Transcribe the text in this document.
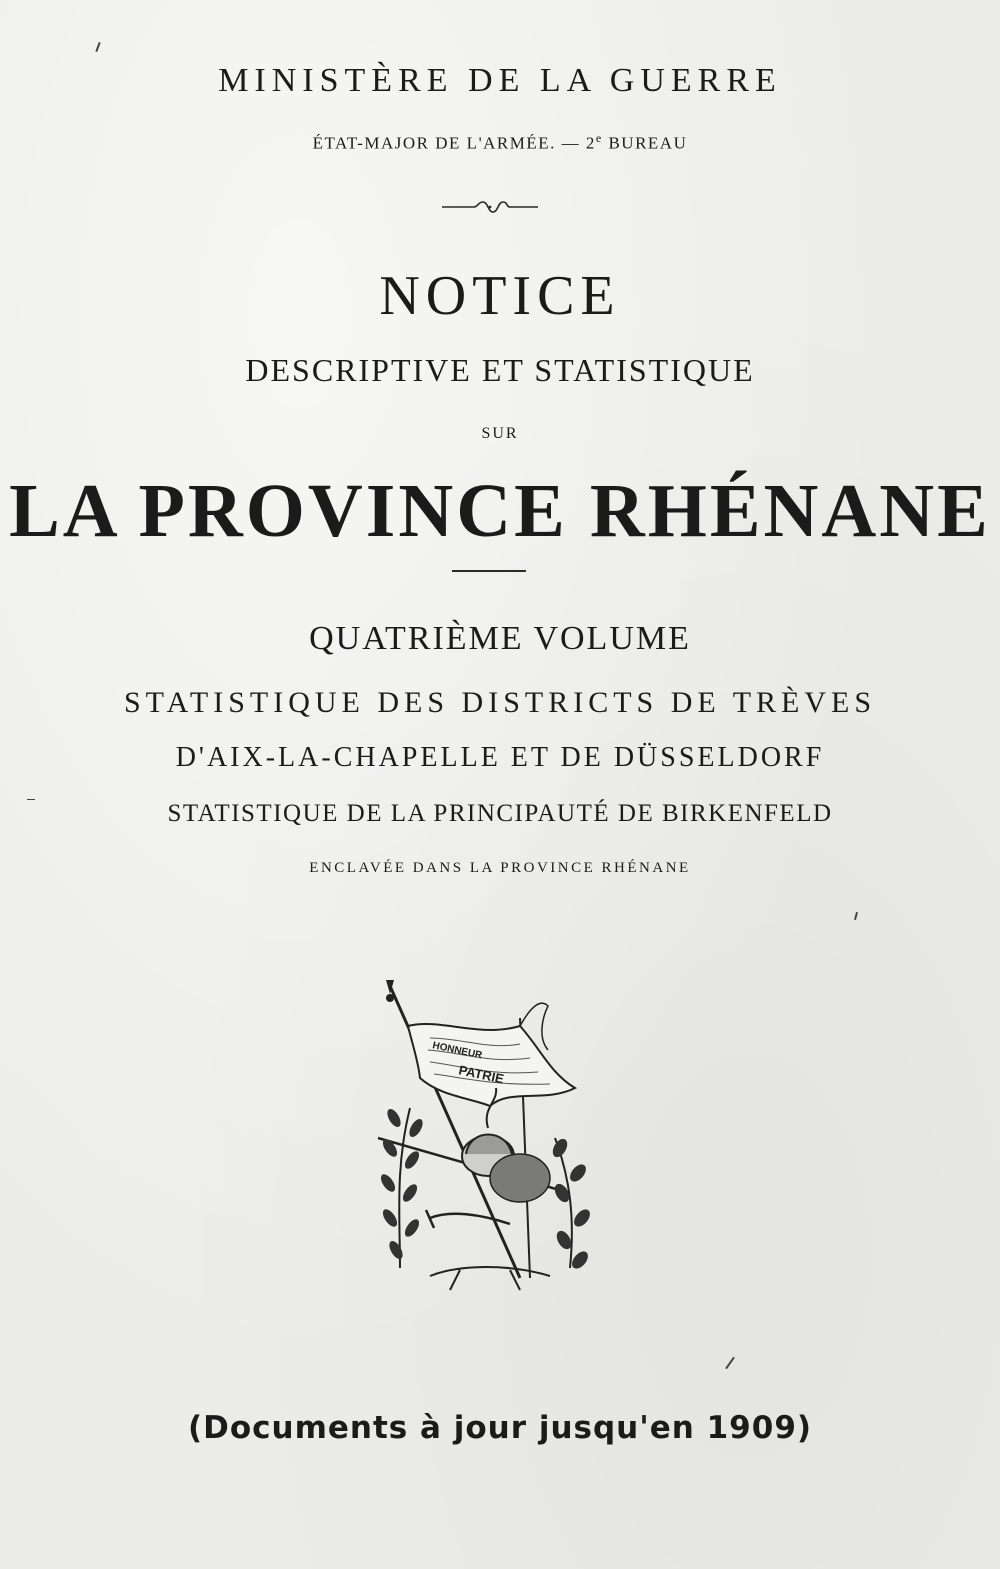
MINISTÈRE DE LA GUERRE
ÉTAT-MAJOR DE L'ARMÉE. — 2e BUREAU
NOTICE
DESCRIPTIVE ET STATISTIQUE
SUR
LA PROVINCE RHÉNANE
QUATRIÈME VOLUME
STATISTIQUE DES DISTRICTS DE TRÈVES
D'AIX-LA-CHAPELLE ET DE DÜSSELDORF
STATISTIQUE DE LA PRINCIPAUTÉ DE BIRKENFELD
ENCLAVÉE DANS LA PROVINCE RHÉNANE
HONNEUR
PATRIE
(Documents à jour jusqu'en 1909)
